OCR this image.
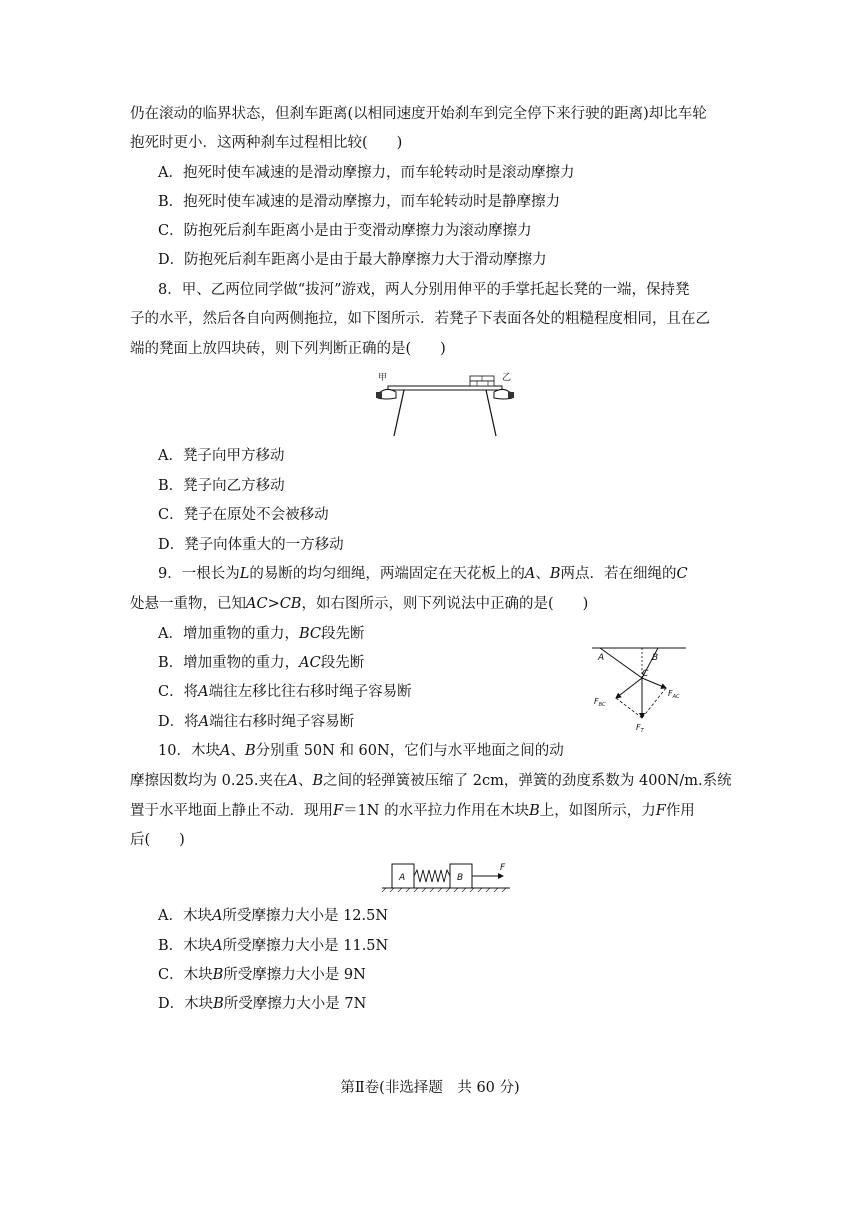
仍在滚动的临界状态，但刹车距离(以相同速度开始刹车到完全停下来行驶的距离)却比车轮
抱死时更小．这两种刹车过程相比较(　　)
A．抱死时使车减速的是滑动摩擦力，而车轮转动时是滚动摩擦力
B．抱死时使车减速的是滑动摩擦力，而车轮转动时是静摩擦力
C．防抱死后刹车距离小是由于变滑动摩擦力为滚动摩擦力
D．防抱死后刹车距离小是由于最大静摩擦力大于滑动摩擦力
8．甲、乙两位同学做“拔河”游戏，两人分别用伸平的手掌托起长凳的一端，保持凳
子的水平，然后各自向两侧拖拉，如下图所示．若凳子下表面各处的粗糙程度相同，且在乙
端的凳面上放四块砖，则下列判断正确的是(　　)
甲	乙
A．凳子向甲方移动
B．凳子向乙方移动
C．凳子在原处不会被移动
D．凳子向体重大的一方移动
9．一根长为L的易断的均匀细绳，两端固定在天花板上的A、B两点．若在细绳的C
处悬一重物，已知AC>CB，如右图所示，则下列说法中正确的是(　　)
A．增加重物的重力，BC段先断
B．增加重物的重力，AC段先断
C．将A端往左移比往右移时绳子容易断
D．将A端往右移时绳子容易断
A	B
C
$F_{BC}$
$F_{AC}$
$F_T$
10．木块A、B分别重 50N 和 60N，它们与水平地面之间的动
摩擦因数均为 0.25.夹在A、B之间的轻弹簧被压缩了 2cm，弹簧的劲度系数为 400N/m.系统
置于水平地面上静止不动．现用F＝1N 的水平拉力作用在木块B上，如图所示，力F作用
后(　　)
A	B
F
A．木块A所受摩擦力大小是 12.5N
B．木块A所受摩擦力大小是 11.5N
C．木块B所受摩擦力大小是 9N
D．木块B所受摩擦力大小是 7N
第Ⅱ卷(非选择题　共 60 分)
